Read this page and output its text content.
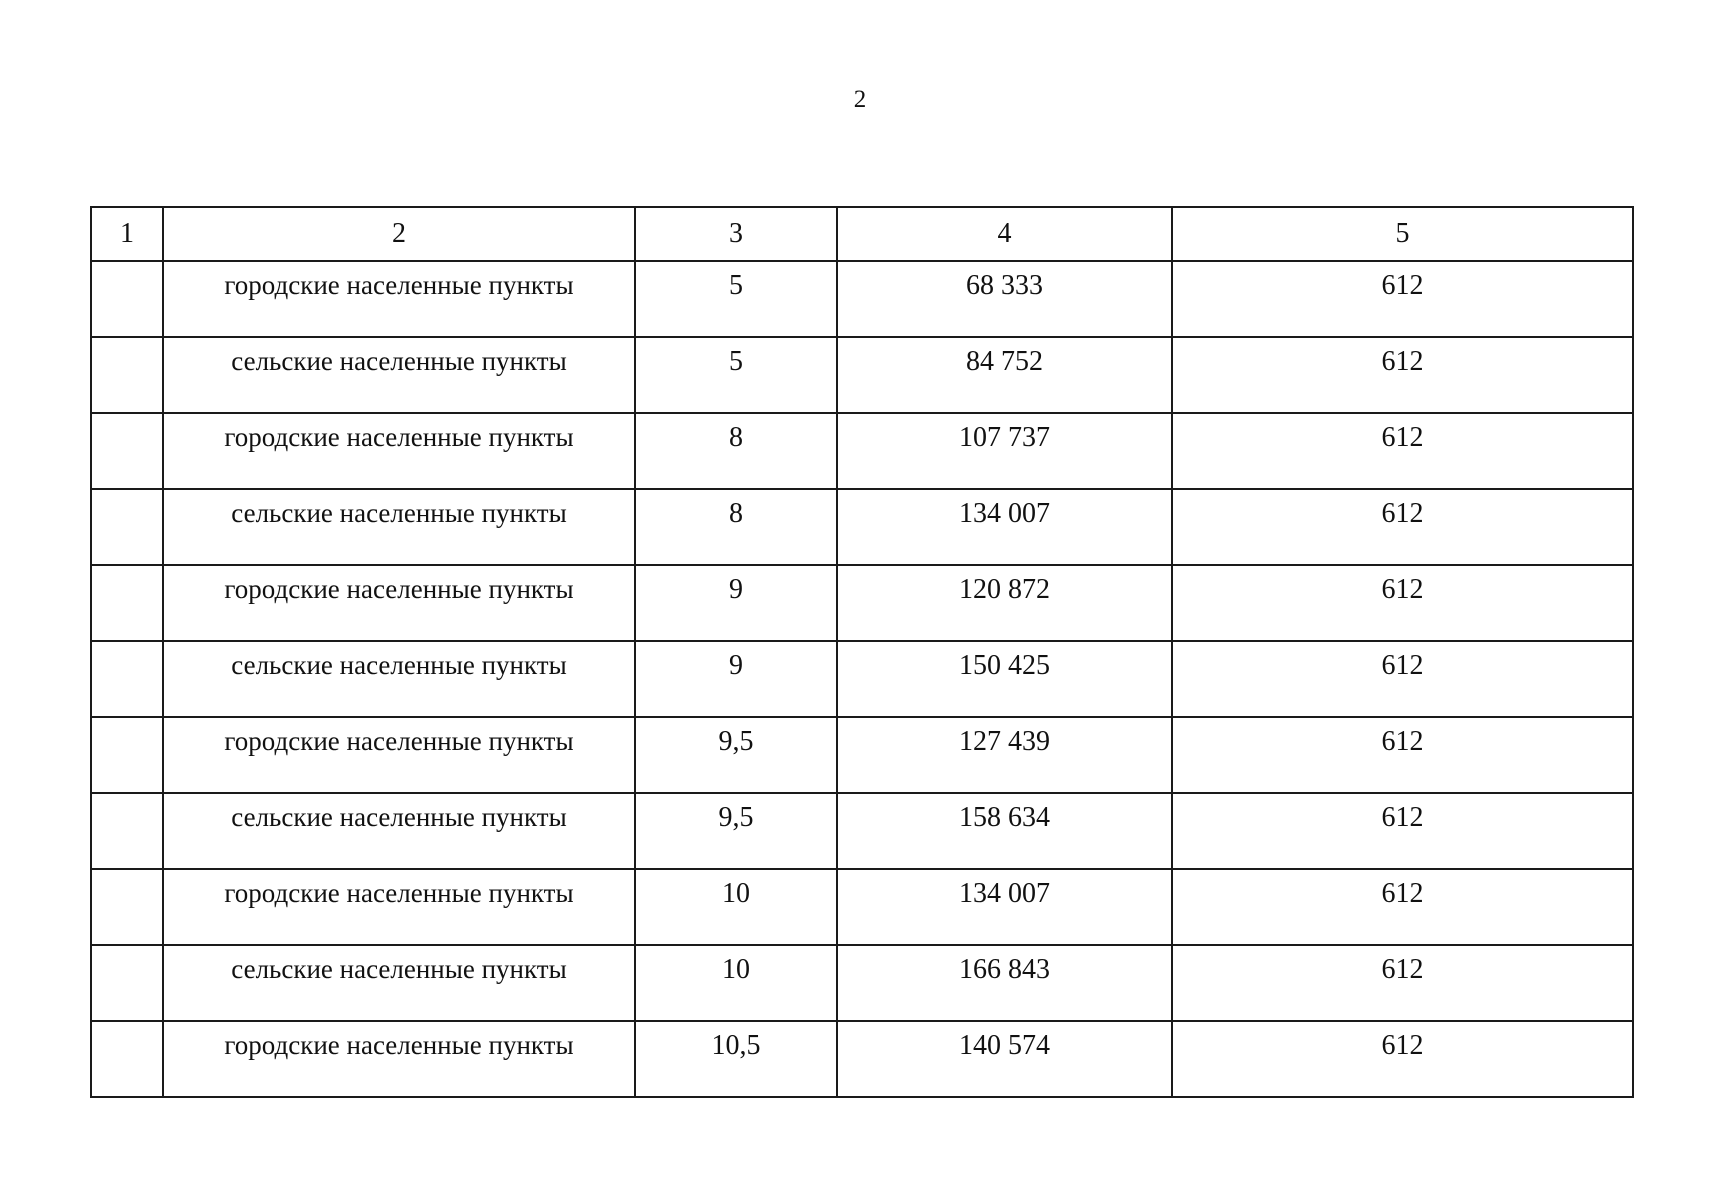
2
1	2	3	4	5
	городские населенные пункты	5	68 333	612
	сельские населенные пункты	5	84 752	612
	городские населенные пункты	8	107 737	612
	сельские населенные пункты	8	134 007	612
	городские населенные пункты	9	120 872	612
	сельские населенные пункты	9	150 425	612
	городские населенные пункты	9,5	127 439	612
	сельские населенные пункты	9,5	158 634	612
	городские населенные пункты	10	134 007	612
	сельские населенные пункты	10	166 843	612
	городские населенные пункты	10,5	140 574	612
